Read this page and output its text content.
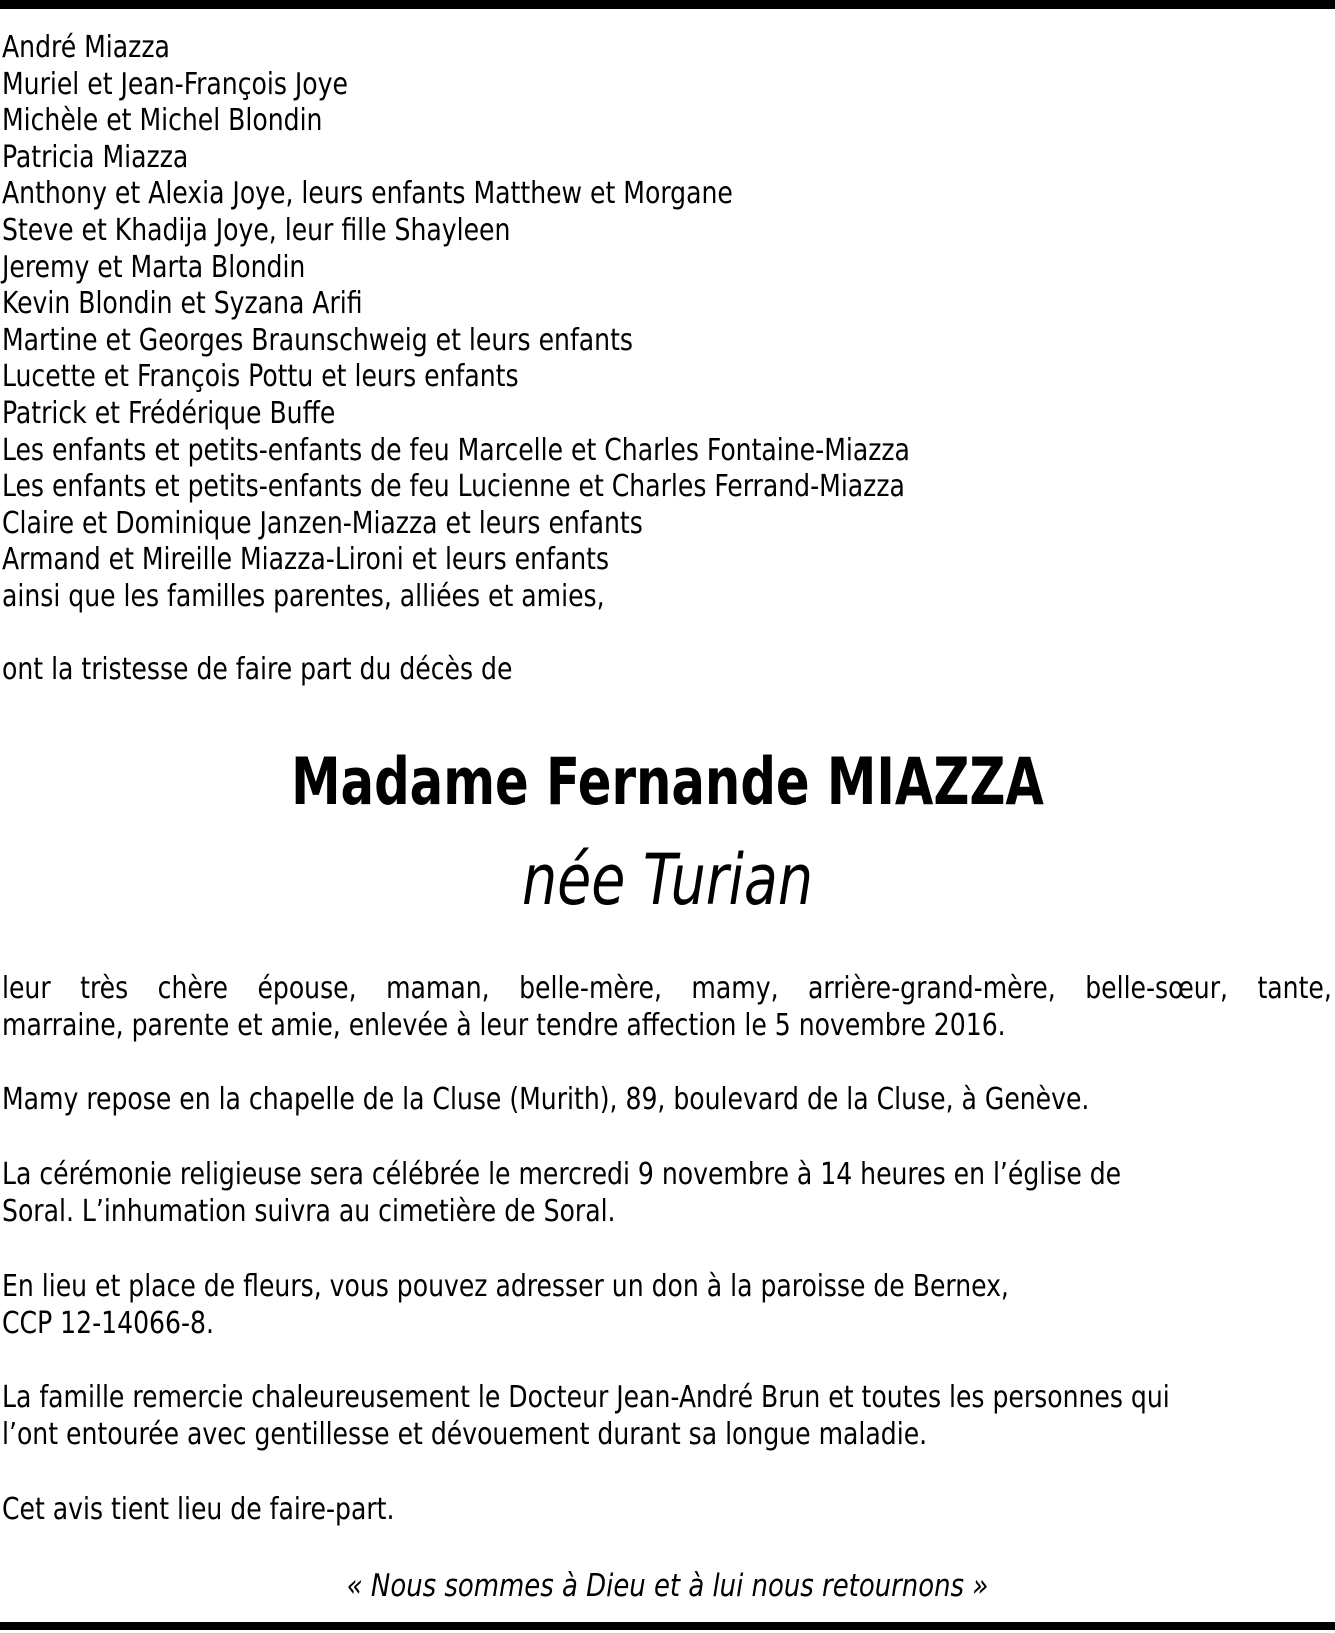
André Miazza
Muriel et Jean-François Joye
Michèle et Michel Blondin
Patricia Miazza
Anthony et Alexia Joye, leurs enfants Matthew et Morgane
Steve et Khadija Joye, leur fille Shayleen
Jeremy et Marta Blondin
Kevin Blondin et Syzana Arifi
Martine et Georges Braunschweig et leurs enfants
Lucette et François Pottu et leurs enfants
Patrick et Frédérique Buffe
Les enfants et petits-enfants de feu Marcelle et Charles Fontaine-Miazza
Les enfants et petits-enfants de feu Lucienne et Charles Ferrand-Miazza
Claire et Dominique Janzen-Miazza et leurs enfants
Armand et Mireille Miazza-Lironi et leurs enfants
ainsi que les familles parentes, alliées et amies,
ont la tristesse de faire part du décès de
Madame Fernande MIAZZA
née Turian
leur très chère épouse, maman, belle-mère, mamy, arrière-grand-mère, belle-sœur, tante,
marraine, parente et amie, enlevée à leur tendre affection le 5 novembre 2016.
Mamy repose en la chapelle de la Cluse (Murith), 89, boulevard de la Cluse, à Genève.
La cérémonie religieuse sera célébrée le mercredi 9 novembre à 14 heures en l’église de
Soral. L’inhumation suivra au cimetière de Soral.
En lieu et place de fleurs, vous pouvez adresser un don à la paroisse de Bernex,
CCP 12-14066-8.
La famille remercie chaleureusement le Docteur Jean-André Brun et toutes les personnes qui
l’ont entourée avec gentillesse et dévouement durant sa longue maladie.
Cet avis tient lieu de faire-part.
« Nous sommes à Dieu et à lui nous retournons »
